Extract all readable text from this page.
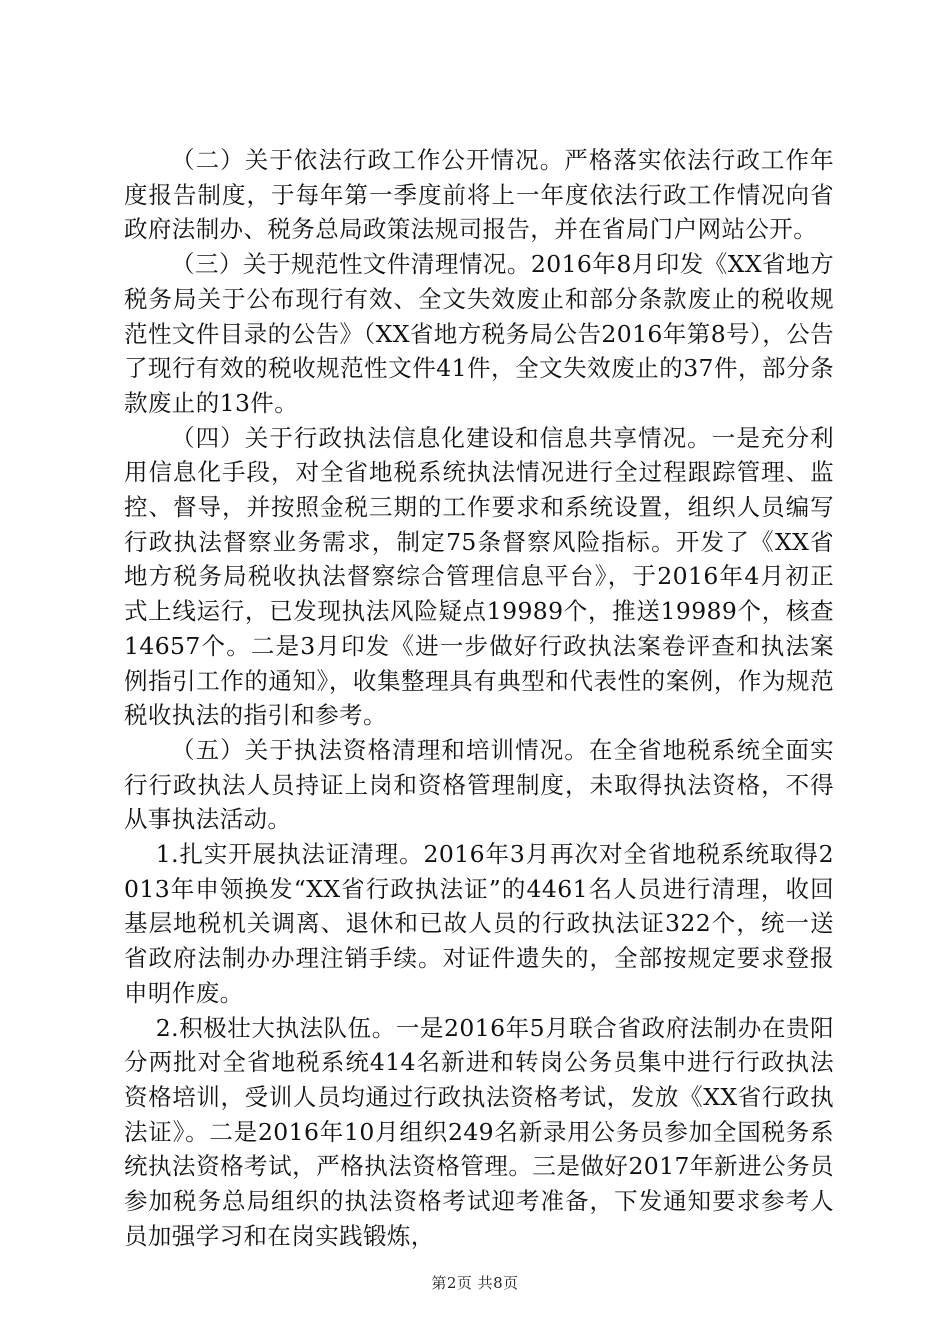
（二）关于依法行政工作公开情况。严格落实依法行政工作年度报告制度，于每年第一季度前将上一年度依法行政工作情况向省政府法制办、税务总局政策法规司报告，并在省局门户网站公开。

（三）关于规范性文件清理情况。2016年8月印发《XX省地方税务局关于公布现行有效、全文失效废止和部分条款废止的税收规范性文件目录的公告》（XX省地方税务局公告2016年第8号），公告了现行有效的税收规范性文件41件，全文失效废止的37件，部分条款废止的13件。

（四）关于行政执法信息化建设和信息共享情况。一是充分利用信息化手段，对全省地税系统执法情况进行全过程跟踪管理、监控、督导，并按照金税三期的工作要求和系统设置，组织人员编写行政执法督察业务需求，制定75条督察风险指标。开发了《XX省地方税务局税收执法督察综合管理信息平台》，于2016年4月初正式上线运行，已发现执法风险疑点19989个，推送19989个，核查14657个。二是3月印发《进一步做好行政执法案卷评查和执法案例指引工作的通知》，收集整理具有典型和代表性的案例，作为规范税收执法的指引和参考。

（五）关于执法资格清理和培训情况。在全省地税系统全面实行行政执法人员持证上岗和资格管理制度，未取得执法资格，不得从事执法活动。

1.扎实开展执法证清理。2016年3月再次对全省地税系统取得2013年申领换发“XX省行政执法证”的4461名人员进行清理，收回基层地税机关调离、退休和已故人员的行政执法证322个，统一送省政府法制办办理注销手续。对证件遗失的，全部按规定要求登报申明作废。

2.积极壮大执法队伍。一是2016年5月联合省政府法制办在贵阳分两批对全省地税系统414名新进和转岗公务员集中进行行政执法资格培训，受训人员均通过行政执法资格考试，发放《XX省行政执法证》。二是2016年10月组织249名新录用公务员参加全国税务系统执法资格考试，严格执法资格管理。三是做好2017年新进公务员参加税务总局组织的执法资格考试迎考准备，下发通知要求参考人员加强学习和在岗实践锻炼，

第2页 共8页
